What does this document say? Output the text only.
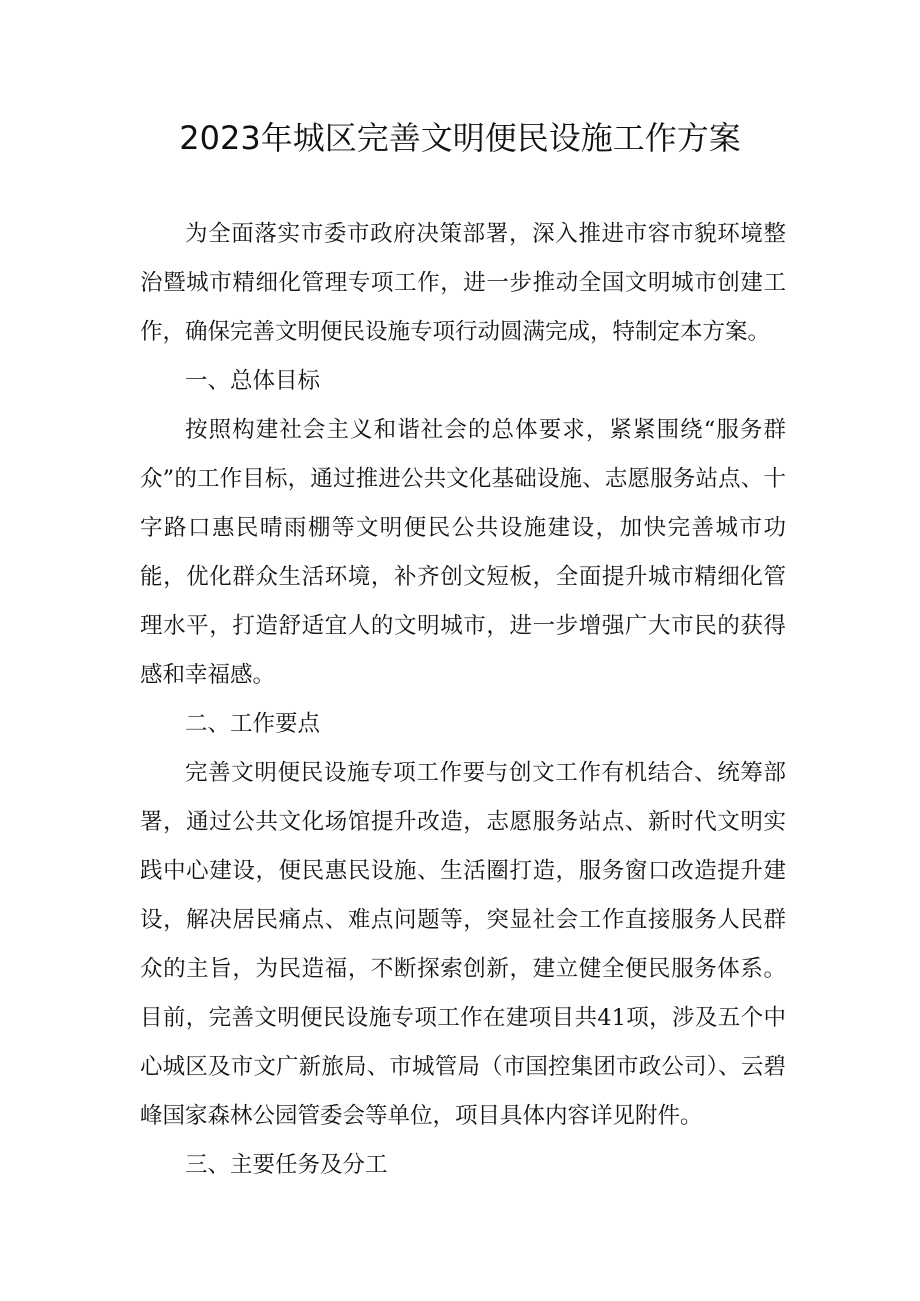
2023年城区完善文明便民设施工作方案

为全面落实市委市政府决策部署，深入推进市容市貌环境整治暨城市精细化管理专项工作，进一步推动全国文明城市创建工作，确保完善文明便民设施专项行动圆满完成，特制定本方案。

一、总体目标

按照构建社会主义和谐社会的总体要求，紧紧围绕“服务群众”的工作目标，通过推进公共文化基础设施、志愿服务站点、十字路口惠民晴雨棚等文明便民公共设施建设，加快完善城市功能，优化群众生活环境，补齐创文短板，全面提升城市精细化管理水平，打造舒适宜人的文明城市，进一步增强广大市民的获得感和幸福感。

二、工作要点

完善文明便民设施专项工作要与创文工作有机结合、统筹部署，通过公共文化场馆提升改造，志愿服务站点、新时代文明实践中心建设，便民惠民设施、生活圈打造，服务窗口改造提升建设，解决居民痛点、难点问题等，突显社会工作直接服务人民群众的主旨，为民造福，不断探索创新，建立健全便民服务体系。目前，完善文明便民设施专项工作在建项目共41项，涉及五个中心城区及市文广新旅局、市城管局（市国控集团市政公司）、云碧峰国家森林公园管委会等单位，项目具体内容详见附件。

三、主要任务及分工
